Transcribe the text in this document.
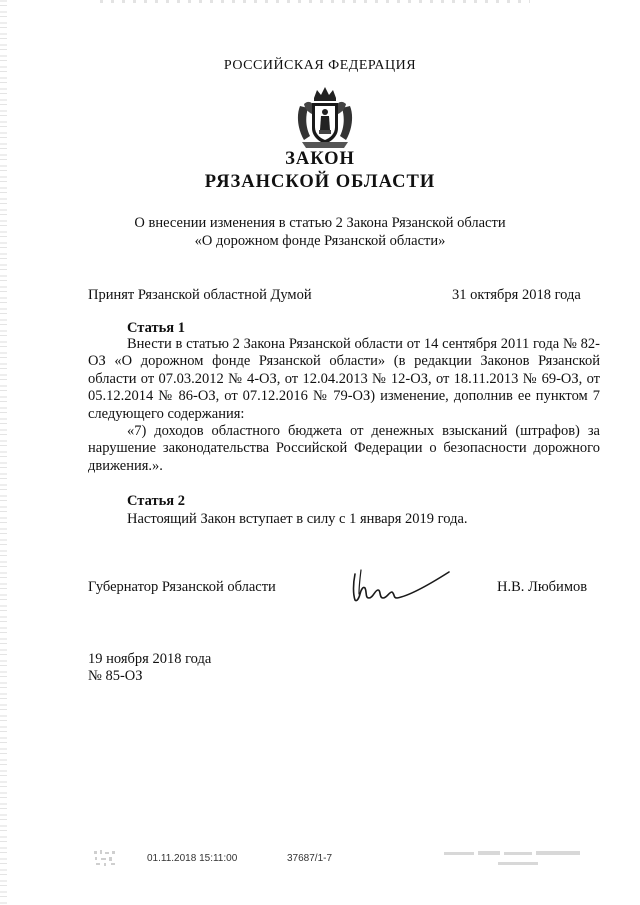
РОССИЙСКАЯ ФЕДЕРАЦИЯ
ЗАКОН
РЯЗАНСКОЙ ОБЛАСТИ
О внесении изменения в статью 2 Закона Рязанской области
«О дорожном фонде Рязанской области»
Принят Рязанской областной Думой	31 октября 2018 года
Статья 1

Внести в статью 2 Закона Рязанской области от 14 сентября 2011 года № 82-ОЗ «О дорожном фонде Рязанской области» (в редакции Законов Рязанской области от 07.03.2012 № 4-ОЗ, от 12.04.2013 № 12-ОЗ, от 18.11.2013 № 69-ОЗ, от 05.12.2014 № 86-ОЗ, от 07.12.2016 № 79-ОЗ) изменение, дополнив ее пунктом 7 следующего содержания:

«7) доходов областного бюджета от денежных взысканий (штрафов) за нарушение законодательства Российской Федерации о безопасности дорожного движения.».

Статья 2

Настоящий Закон вступает в силу с 1 января 2019 года.

Губернатор Рязанской области	Н.В. Любимов
19 ноября 2018 года
№ 85-ОЗ
01.11.2018 15:11:00	37687/1-7
